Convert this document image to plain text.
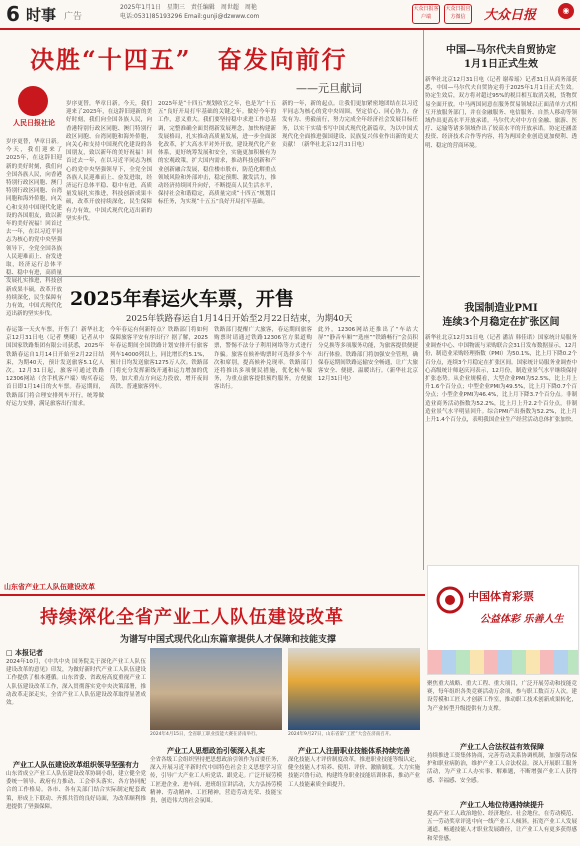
6 时事 广告
2025年1月1日　星期三　责任编辑　周世超　周艳
电话:0531)85193296 Email:gunji@dzwww.com
大众日报客户端
大众日报官方微信	大众日报	◉
决胜“十四五”　奋发向前行
——元旦献词
人民日报社论
岁序更替，华章日新。今天，我们迎来了2025年，在这辞旧迎新的美好时刻，我们向全国各族人民，向香港特别行政区同胞、澳门特别行政区同胞、台湾同胞和海外侨胞，向关心和支持中国现代化建设的各国朋友，致以新年的美好祝福！回首过去一年，在以习近平同志为核心的党中央坚强领导下，全党全国各族人民迎难而上、奋发进取，经济运行总体平稳、稳中有进，高质量发展扎实推进，科技创新成果丰硕，改革开放持续深化，民生保障有力有效，中国式现代化迈出新的坚实步伐。
岁序更替，华章日新。今天，我们迎来了2025年，在这辞旧迎新的美好时刻，我们向全国各族人民，向香港特别行政区同胞、澳门特别行政区同胞、台湾同胞和海外侨胞，向关心和支持中国现代化建设的各国朋友，致以新年的美好祝福！回首过去一年，在以习近平同志为核心的党中央坚强领导下，全党全国各族人民迎难而上、奋发进取，经济运行总体平稳、稳中有进，高质量发展扎实推进，科技创新成果丰硕，改革开放持续深化，民生保障有力有效，中国式现代化迈出新的坚实步伐。
2025年是“十四五”规划收官之年，也是为“十五五”良好开局打牢基础的关键之年。做好今年的工作，意义重大。我们要坚持稳中求进工作总基调，完整准确全面贯彻新发展理念，加快构建新发展格局，扎实推动高质量发展，进一步全面深化改革，扩大高水平对外开放，建设现代化产业体系，更好统筹发展和安全，实施更加积极有为的宏观政策，扩大国内需求，推动科技创新和产业创新融合发展，稳住楼市股市，防范化解重点领域风险和外部冲击，稳定预期、激发活力，推动经济持续回升向好，不断提高人民生活水平，保持社会和谐稳定，高质量完成“十四五”规划目标任务，为实现“十五五”良好开局打牢基础。
新的一年，新的起点。让我们更加紧密地团结在以习近平同志为核心的党中央周围，坚定信心、同心协力，奋发有为、勇毅前行，努力完成全年经济社会发展目标任务，以实干实绩书写中国式现代化新篇章，为以中国式现代化全面推进强国建设、民族复兴伟业作出新的更大贡献！（新华社北京12月31日电）
中国—马尔代夫自贸协定
1月1日正式生效
新华社北京12月31日电（记者 谢希瑶）记者31日从商务部获悉，中国—马尔代夫自贸协定将于2025年1月1日正式生效。协定生效后，双方将对超过95%的税目相互取消关税，货物贸易全面开放。中马两国同意在服务贸易领域以正面清单方式相互开放服务部门，并在金融服务、电信服务、自然人移动等领域作出更高水平开放承诺。马尔代夫对中方在金融、旅游、医疗、运输等诸多领域作出了较高水平的开放承诺。协定还涵盖投资、经济技术合作等内容，将为两国企业创造更加便利、透明、稳定的营商环境。
我国制造业PMI
连续3个月稳定在扩张区间
新华社北京12月31日电（记者 潘洁 韩佳诺）国家统计局服务业调查中心、中国物流与采购联合会31日发布数据显示，12月份，制造业采购经理指数（PMI）为50.1%，比上月下降0.2个百分点，连续3个月稳定在扩张区间。国家统计局服务业调查中心高级统计师赵庆河表示，12月份，制造业景气水平继续保持扩张态势。从企业规模看，大型企业PMI为52.5%，比上月上升1.6个百分点；中型企业PMI为49.5%，比上月下降0.7个百分点；小型企业PMI为46.4%，比上月下降3.7个百分点。非制造业商务活动指数为52.2%，比上月上升2.2个百分点，非制造业景气水平明显回升。综合PMI产出指数为52.2%，比上月上升1.4个百分点，表明我国企业生产经营活动总体扩张加快。
2025年春运火车票，开售
2025年铁路春运自1月14日开始至2月22日结束，为期40天
春运第一天火车票，开售了！新华社北京12月31日电（记者 樊曦）记者从中国国家铁路集团有限公司获悉，2025年铁路春运自1月14日开始至2月22日结束，为期40天，预计发送旅客5.1亿人次。12月31日起，旅客可通过铁路12306网站（含手机客户端）购买春运首日即1月14日的火车票。春运期间，铁路部门将合理安排列车开行，统筹做好运力安排，满足旅客出行需求。
今年春运有何新特点？铁路部门将如何保障旅客平安有序出行？据了解，2025年春运期间全国铁路计划安排开行旅客列车14000列以上，同比增长约5.1%，预计日均发送旅客1275万人次。铁路部门将充分发挥新线开通和运力增加的优势，加大重点方向运力投放，增开夜间高铁、普速旅客列车。
铁路部门提醒广大旅客，春运期间旅客购票时请通过铁路12306官方渠道购票，警惕不法分子利用网络等方式进行诈骗。旅客在候补购票时可选择多个车次和席别，提高候补兑现率。铁路部门还将推出多项便民措施，优化候车服务，为重点旅客提供预约服务，方便旅客出行。
此外，12306网站还推出了“车站大屏”“静音车厢”“选座”“铁路畅行”会员积分兑换等多项服务功能，为旅客提供便捷出行体验。铁路部门将加强安全管理，确保春运期间铁路运输安全畅通，让广大旅客安全、便捷、温暖出行。（新华社北京12月31日电）
中国体育彩票
公益体彩 乐善人生
山东省产业工人队伍建设改革
持续深化全省产业工人队伍建设改革
为谱写中国式现代化山东篇章提供人才保障和技能支撑
□ 本报记者
2024年10月，《中共中央 国务院关于深化产业工人队伍建设改革的意见》印发，为做好新时代产业工人队伍建设工作提供了根本遵循。山东省委、省政府高度重视产业工人队伍建设改革工作，深入贯彻落实党中央决策部署，推动改革走深走实，全省产业工人队伍建设改革取得显著成效。
2024年4月15日，全省职工职业技能大赛在济南举行。	2024年9月27日，山东省第“工匠”大会在济南召开。
产业工人思想政治引领深入扎实
全省各级工会组织坚持把思想政治引领作为首要任务，深入开展习近平新时代中国特色社会主义思想学习宣传，引导广大产业工人听党话、跟党走。广泛开展劳模工匠进企业、进车间、进班组宣讲活动，大力弘扬劳模精神、劳动精神、工匠精神，营造劳动光荣、技能宝贵、创造伟大的社会氛围。
产业工人队伍建设改革组织领导坚强有力
山东省成立产业工人队伍建设改革协调小组，建立健全党委统一领导、政府有力推动、工会牵头落实、各方协同配合的工作格局。各市、各有关部门结合实际制定配套政策，形成上下联动、齐抓共管的良好局面，为改革顺利推进提供了坚强保障。
产业工人注册职业技能体系持续完善
深化技能人才评价制度改革，推进职业技能等级认定，健全技能人才培养、使用、评价、激励制度。大力实施技能兴鲁行动，构建终身职业技能培训体系，推动产业工人技能素质全面提升。
聚焦重大战略、重大工程、重大项目，广泛开展劳动和技能竞赛，每年组织各类竞赛活动万余项，参与职工数百万人次。建设劳模和工匠人才创新工作室，推动职工技术创新成果转化，为产业转型升级提供有力支撑。
产业工人合法权益有效保障
持续推进工资集体协商，完善劳动关系协调机制，加强劳动保护和职业病防治，维护产业工人合法权益。深入开展职工服务活动，为产业工人办实事、解难题，不断增强产业工人获得感、幸福感、安全感。
产业工人地位待遇持续提升
提高产业工人政治地位、经济地位、社会地位，在劳动模范、五一劳动奖章评选中向一线产业工人倾斜。拓宽产业工人发展通道，畅通技能人才职业发展路径，让产业工人有更多获得感和荣誉感。
